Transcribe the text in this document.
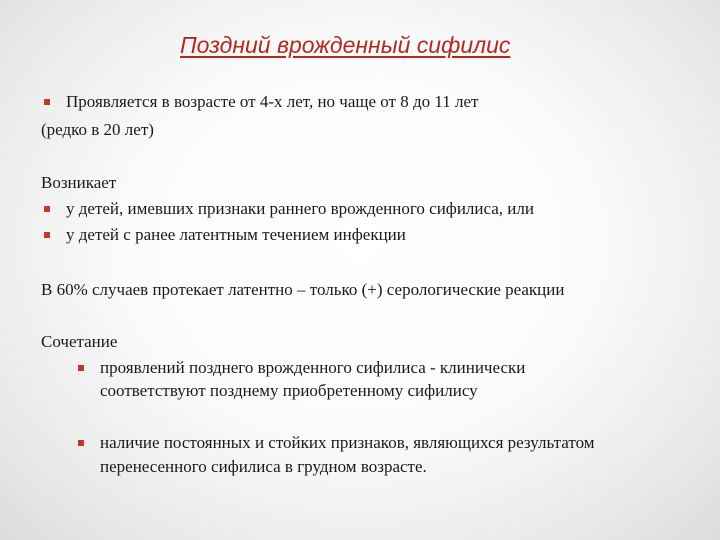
Поздний врожденный сифилис
Проявляется в возрасте от 4-х лет, но чаще от 8 до 11 лет
(редко в 20 лет)
Возникает
у детей, имевших признаки раннего врожденного сифилиса, или
у детей с ранее латентным течением инфекции
В 60% случаев протекает латентно – только (+) серологические реакции
Сочетание
проявлений позднего врожденного сифилиса - клинически
соответствуют позднему приобретенному сифилису
наличие постоянных и стойких признаков, являющихся результатом
перенесенного сифилиса в грудном возрасте.
